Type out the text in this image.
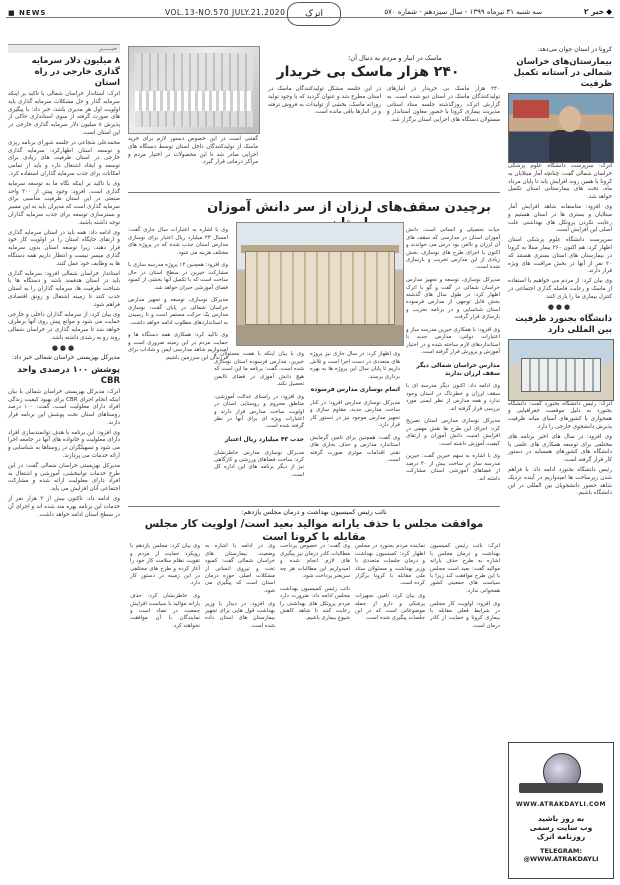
■ NEWS	VOL.13-NO.570 JULY.21.2020 اترک	سه شنبه ۳۱ تیرماه ۱۳۹۹ - سال سیزدهم - شماره ۵۷۰	◆خبر ۲
خبــــــر
۸ میلیون دلار سرمایه گذاری خارجی در راه استان

اترک: استاندار خراسان شمالی با تاکید بر اینکه سرمایه گذار و حل مشکلات سرمایه گذاری باید اولویت اول هر مدیری باشد، خبر داد: با پیگیری های صورت گرفته از سوی استانداری حاکی از پذیرش ۸ میلیون دلار سرمایه گذاری خارجی در این استان است.

محمدعلی شجاعی در جلسه شورای برنامه ریزی و توسعه استان اظهارکرد: سرمایه گذاری خارجی در استان ظرفیت های زیادی برای توسعه و ایجاد اشتغال دارد و باید از تمامی امکانات برای جذب سرمایه گذاران استفاده کرد.

وی با تاکید بر اینکه نگاه ما به توسعه سرمایه گذاری است، افزود: وجود پیش از ۳۰۰ واحد صنعتی در این استان ظرفیت مناسبی برای سرمایه گذاری است که مدیران باید به این مسیر و بسترسازی توسعه برای جذب سرمایه گذاران توجه داشته باشند.

وی ادامه داد: همه باید در استان سرمایه گذاری و ارتقای جایگاه استان را در اولویت کار خود قرار دهند، زیرا توسعه استان بدون سرمایه گذاری میسر نیست و انتظار داریم همه دستگاه ها به وظایف خود عمل کنند.

استاندار خراسان شمالی افزود: سرمایه گذاری باید در استان هدفمند باشد و دستگاه ها با شناخت ظرفیت ها، سرمایه گذاران را به استان جذب کنند تا زمینه اشتغال و رونق اقتصادی فراهم شود.

وی بیان کرد: از سرمایه گذاران داخلی و خارجی حمایت می شود و موانع پیش روی آنها برطرف خواهد شد تا سرمایه گذاری در خراسان شمالی روند رو به رشدی داشته باشد.

●●●
مدیرکل بهزیستی خراسان شمالی خبر داد:
پوشش ۱۰۰ درصدی واحد CBR

اترک: مدیرکل بهزیستی خراسان شمالی با بیان اینکه انجام اجرای CBR برای بهبود کیفیت زندگی افراد دارای معلولیت است، گفت: ۱۰۰ درصد روستاهای استان تحت پوشش این برنامه قرار دارند.

وی افزود: این برنامه با هدف توانمندسازی افراد دارای معلولیت و خانواده های آنها در جامعه اجرا می شود و تسهیلگران در روستاها به شناسایی و ارائه خدمات می پردازند.

مدیرکل بهزیستی خراسان شمالی گفت: در این طرح خدمات توانبخشی، آموزشی و اشتغال به افراد دارای معلولیت ارائه شده و مشارکت اجتماعی آنان افزایش می یابد.

وی ادامه داد: تاکنون بیش از ۳ هزار نفر از خدمات این برنامه بهره مند شده اند و اجرای آن در سطح استان ادامه خواهد داشت.

ماسک در انبار و مردم به دنبال آن؛
۲۴۰ هزار ماسک بی خریدار

۲۴۰ هزار ماسک بی خریدار در انبارهای تولیدکنندگان ماسک در استان دپو شده است. به گزارش اترک، روزگذشته جلسه ستاد استانی مدیریت بیماری کرونا با حضور معاون استاندار و مسئولان دستگاه های اجرایی استان برگزار شد.

در این جلسه مشکل تولیدکنندگان ماسک در استان مطرح شد و عنوان گردید که با وجود تولید روزانه ماسک، بخشی از تولیدات به فروش نرفته و در انبارها باقی مانده است.

گفتنی است در این خصوص دستور لازم برای خرید ماسک از تولیدکنندگان داخل استان توسط دستگاه های اجرایی صادر شد تا این محصولات در اختیار مردم و مراکز درمانی قرار گیرد.

برچیدن سقف‌های لرزان از سر دانش آموزان

حیات تحصیلی و انسانی است. دانش آموزان استان در مدارسی که سقف های آن لرزان و ناامن بود درس می خواندند و اکنون با اجرای طرح های نوسازی، بخش زیادی از این مدارس تخریب و بازسازی شده است.

مدیرکل نوسازی، توسعه و تجهیز مدارس خراسان شمالی در گفت و گو با اترک اظهار کرد: در طول سال های گذشته بخش قابل توجهی از مدارس فرسوده استان شناسایی و در برنامه تخریب و بازسازی قرار گرفت.

وی افزود: با همکاری خیرین مدرسه ساز و اعتبارات دولتی، مدارس جدید با استانداردهای لازم ساخته شده و در اختیار آموزش و پرورش قرار گرفته است.

مدارس خراسان شمالی دیگر سقف لرزان ندارند

وی ادامه داد: اکنون دیگر مدرسه ای با سقف لرزان و خطرناک در استان وجود ندارد و همه مدارس از نظر ایمنی مورد بررسی قرار گرفته اند.

مدیرکل نوسازی مدارس استان تصریح کرد: اجرای این طرح ها نقش مهمی در افزایش امنیت دانش آموزان و ارتقای کیفیت آموزش داشته است.

وی با اشاره به سهم خیرین گفت: خیرین مدرسه ساز در ساخت بیش از ۴۰ درصد از فضاهای آموزشی استان مشارکت داشته اند.

وی اظهار کرد: در سال جاری نیز پروژه های متعددی در دست اجرا است و تلاش داریم تا پایان سال این پروژه ها به بهره برداری برسند.

اتمام نوسازی مدارس فرسوده

مدیرکل نوسازی مدارس افزود: در کنار ساخت مدارس جدید، مقاوم سازی و تجهیز مدارس موجود نیز در دستور کار قرار دارد.

وی گفت: همچنین برای تامین گرمایش استاندارد مدارس و حذف بخاری های نفتی اقدامات موثری صورت گرفته است.

وی با بیان اینکه با همت مسئولان و خیرین، مدارس فرسوده استان نوسازی شده است، گفت: برنامه ما این است که هیچ دانش آموزی در فضای ناایمن تحصیل نکند.

وی افزود: در راستای عدالت آموزشی، مناطق محروم و روستایی استان در اولویت ساخت مدارس قرار دارند و اعتبارات ویژه ای برای آنها در نظر گرفته شده است.

جذب ۴۳ میلیارد ریال اعتبار

مدیرکل نوسازی مدارس خاطرنشان کرد: ساخت فضاهای ورزشی و کارگاهی نیز از دیگر برنامه های این اداره کل است.

وی با اشاره به اعتبارات سال جاری گفت: امسال ۴۳ میلیارد ریال اعتبار برای نوسازی مدارس استان جذب شده که در پروژه های مختلف هزینه می شود.

وی افزود: همچنین ۱۲ پروژه مدرسه سازی با مشارکت خیرین در سطح استان در حال ساخت است که با تکمیل آنها بخشی از کمبود فضای آموزشی جبران خواهد شد.

مدیرکل نوسازی، توسعه و تجهیز مدارس خراسان شمالی در پایان گفت: نوسازی مدارس یک حرکت مستمر است و تا رسیدن به استانداردهای مطلوب ادامه خواهد داشت.

وی تاکید کرد: همکاری همه دستگاه ها و حمایت مردم در این زمینه ضروری است و امیدواریم شاهد مدارسی ایمن و شاداب برای فرزندان این سرزمین باشیم.

نائب رئیس کمیسیون بهداشت و درمان مجلس یازدهم:
موافقت مجلس با حذف یارانه موالید بعید است/ اولویت کار مجلس مقابله با کرونا است

اترک: نائب رئیس کمیسیون بهداشت و درمان مجلس با اشاره به طرح حذف یارانه موالید گفت: بعید است مجلس با این طرح موافقت کند زیرا با سیاست های جمعیتی کشور همخوانی ندارد.

وی افزود: اولویت کار مجلس در شرایط فعلی مقابله با بیماری کرونا و حمایت از کادر درمان است.

نماینده مردم بجنورد در مجلس اظهار کرد: کمیسیون بهداشت و درمان جلسات متعددی با وزیر بهداشت و مسئولان ستاد ملی مقابله با کرونا برگزار کرده است.

وی بیان کرد: تامین تجهیزات پزشکی و دارو از جمله موضوعاتی است که در این جلسات پیگیری شده است.

وی گفت: در خصوص پرداخت مطالبات کادر درمان نیز پیگیری های لازم انجام شده و امیدواریم این مطالبات هر چه سریعتر پرداخت شود.

نائب رئیس کمیسیون بهداشت مجلس ادامه داد: ضرورت دارد مردم پروتکل های بهداشتی را رعایت کنند تا شاهد کاهش شیوع بیماری باشیم.

وی در ادامه با اشاره به وضعیت بیمارستان های خراسان شمالی گفت: کمبود تخت و نیروی انسانی از مشکلات اصلی حوزه درمان استان است که پیگیری می شود.

وی افزود: در دیدار با وزیر بهداشت قول هایی برای تجهیز بیمارستان های استان داده شده است.

وی بیان کرد: مجلس یازدهم با رویکرد حمایت از مردم و تقویت نظام سلامت کار خود را آغاز کرده و طرح های مختلفی در این زمینه در دستور کار دارد.

وی خاطرنشان کرد: حذف یارانه موالید با سیاست افزایش جمعیت در تضاد است و نمایندگان با آن موافقت نخواهند کرد.

کرونا در استان جوان می‌دهد:
بیمارستان‌های خراسان شمالی در آستانه تکمیل ظرفیت

اترک: سرپرست دانشگاه علوم پزشکی خراسان شمالی گفت: چنانچه آمار مبتلایان به کرونا با همین روند افزایش یابد تا پایان مرداد ماه، تخت های بیمارستانی استان تکمیل خواهد شد.

وی افزود: متاسفانه شاهد افزایش آمار مبتلایان و بستری ها در استان هستیم و رعایت نکردن پروتکل های بهداشتی علت اصلی این افزایش است.

سرپرست دانشگاه علوم پزشکی استان اظهار کرد: هم اکنون ۲۶۰ بیمار مبتلا به کرونا در بیمارستان های استان بستری هستند که ۳۰ نفر از آنها در بخش مراقبت های ویژه قرار دارند.

وی بیان کرد: از مردم می خواهیم با استفاده از ماسک و رعایت فاصله گذاری اجتماعی در کنترل بیماری ما را یاری کنند.

●●●
دانشگاه بجنورد ظرفیت بین المللی دارد

اترک: رئیس دانشگاه بجنورد گفت: دانشگاه بجنورد به دلیل موقعیت جغرافیایی و همجواری با کشورهای آسیای میانه ظرفیت پذیرش دانشجوی خارجی را دارد.

وی افزود: در سال های اخیر برنامه های مختلفی برای توسعه همکاری های علمی با دانشگاه های کشورهای همسایه در دستور کار قرار گرفته است.

رئیس دانشگاه بجنورد ادامه داد: با فراهم شدن زیرساخت ها امیدواریم در آینده نزدیک شاهد حضور دانشجویان بین المللی در این دانشگاه باشیم.

WWW.ATRAKDAYLI.COM
به روز باشید
وب سایت رسمی
روزنامه اترک
TELEGRAM:
@WWW.ATRAKDAYLI
